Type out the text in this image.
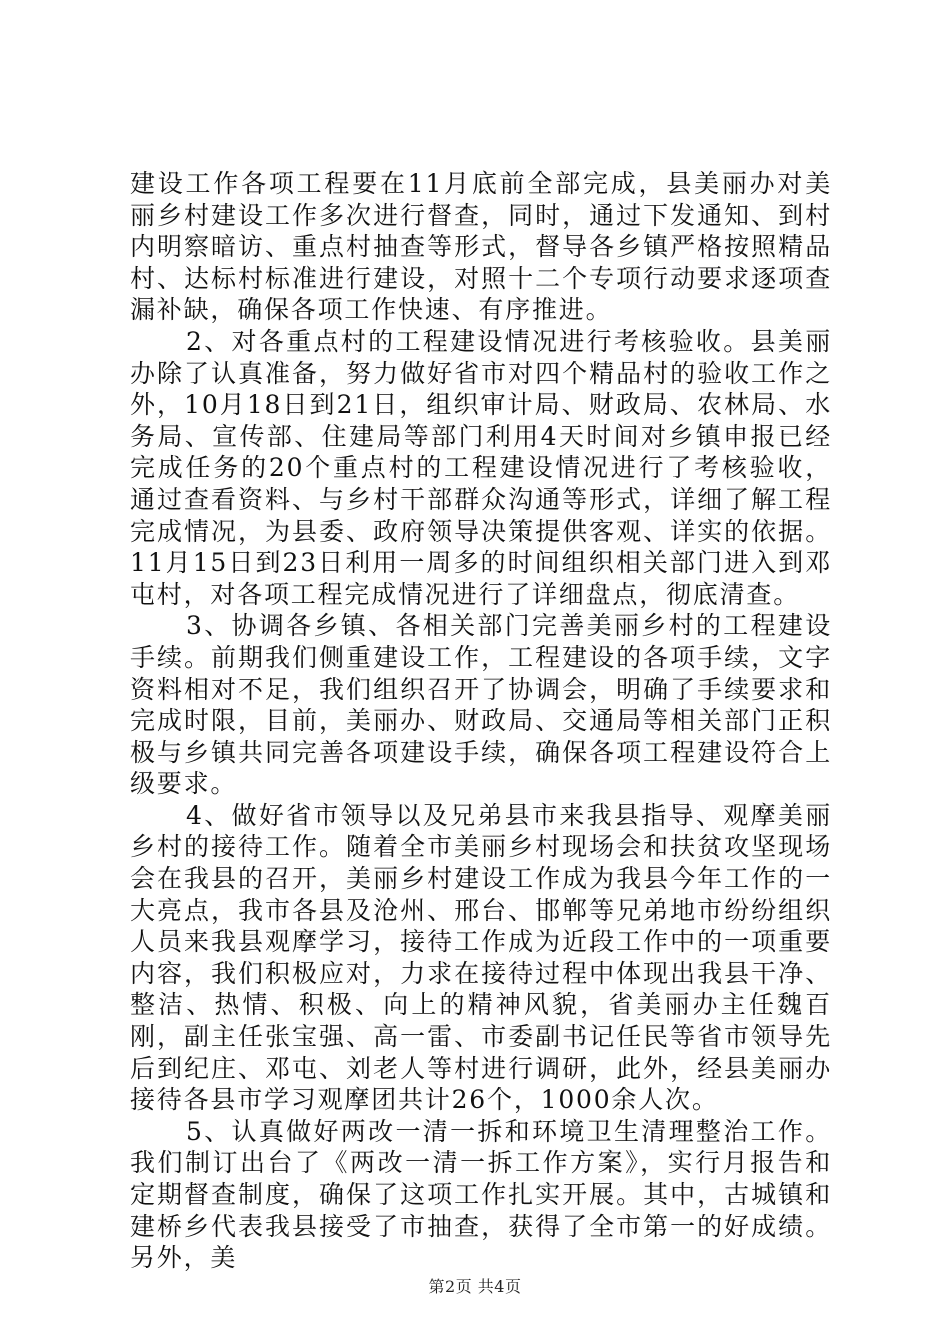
建设工作各项工程要在11月底前全部完成，县美丽办对美丽乡村建设工作多次进行督查，同时，通过下发通知、到村内明察暗访、重点村抽查等形式，督导各乡镇严格按照精品村、达标村标准进行建设，对照十二个专项行动要求逐项查漏补缺，确保各项工作快速、有序推进。

2、对各重点村的工程建设情况进行考核验收。县美丽办除了认真准备，努力做好省市对四个精品村的验收工作之外，10月18日到21日，组织审计局、财政局、农林局、水务局、宣传部、住建局等部门利用4天时间对乡镇申报已经完成任务的20个重点村的工程建设情况进行了考核验收，通过查看资料、与乡村干部群众沟通等形式，详细了解工程完成情况，为县委、政府领导决策提供客观、详实的依据。11月15日到23日利用一周多的时间组织相关部门进入到邓屯村，对各项工程完成情况进行了详细盘点，彻底清查。

3、协调各乡镇、各相关部门完善美丽乡村的工程建设手续。前期我们侧重建设工作，工程建设的各项手续，文字资料相对不足，我们组织召开了协调会，明确了手续要求和完成时限，目前，美丽办、财政局、交通局等相关部门正积极与乡镇共同完善各项建设手续，确保各项工程建设符合上级要求。

4、做好省市领导以及兄弟县市来我县指导、观摩美丽乡村的接待工作。随着全市美丽乡村现场会和扶贫攻坚现场会在我县的召开，美丽乡村建设工作成为我县今年工作的一大亮点，我市各县及沧州、邢台、邯郸等兄弟地市纷纷组织人员来我县观摩学习，接待工作成为近段工作中的一项重要内容，我们积极应对，力求在接待过程中体现出我县干净、整洁、热情、积极、向上的精神风貌，省美丽办主任魏百刚，副主任张宝强、高一雷、市委副书记任民等省市领导先后到纪庄、邓屯、刘老人等村进行调研，此外，经县美丽办接待各县市学习观摩团共计26个，1000余人次。

5、认真做好两改一清一拆和环境卫生清理整治工作。我们制订出台了《两改一清一拆工作方案》，实行月报告和定期督查制度，确保了这项工作扎实开展。其中，古城镇和建桥乡代表我县接受了市抽查，获得了全市第一的好成绩。另外，美

第2页 共4页
